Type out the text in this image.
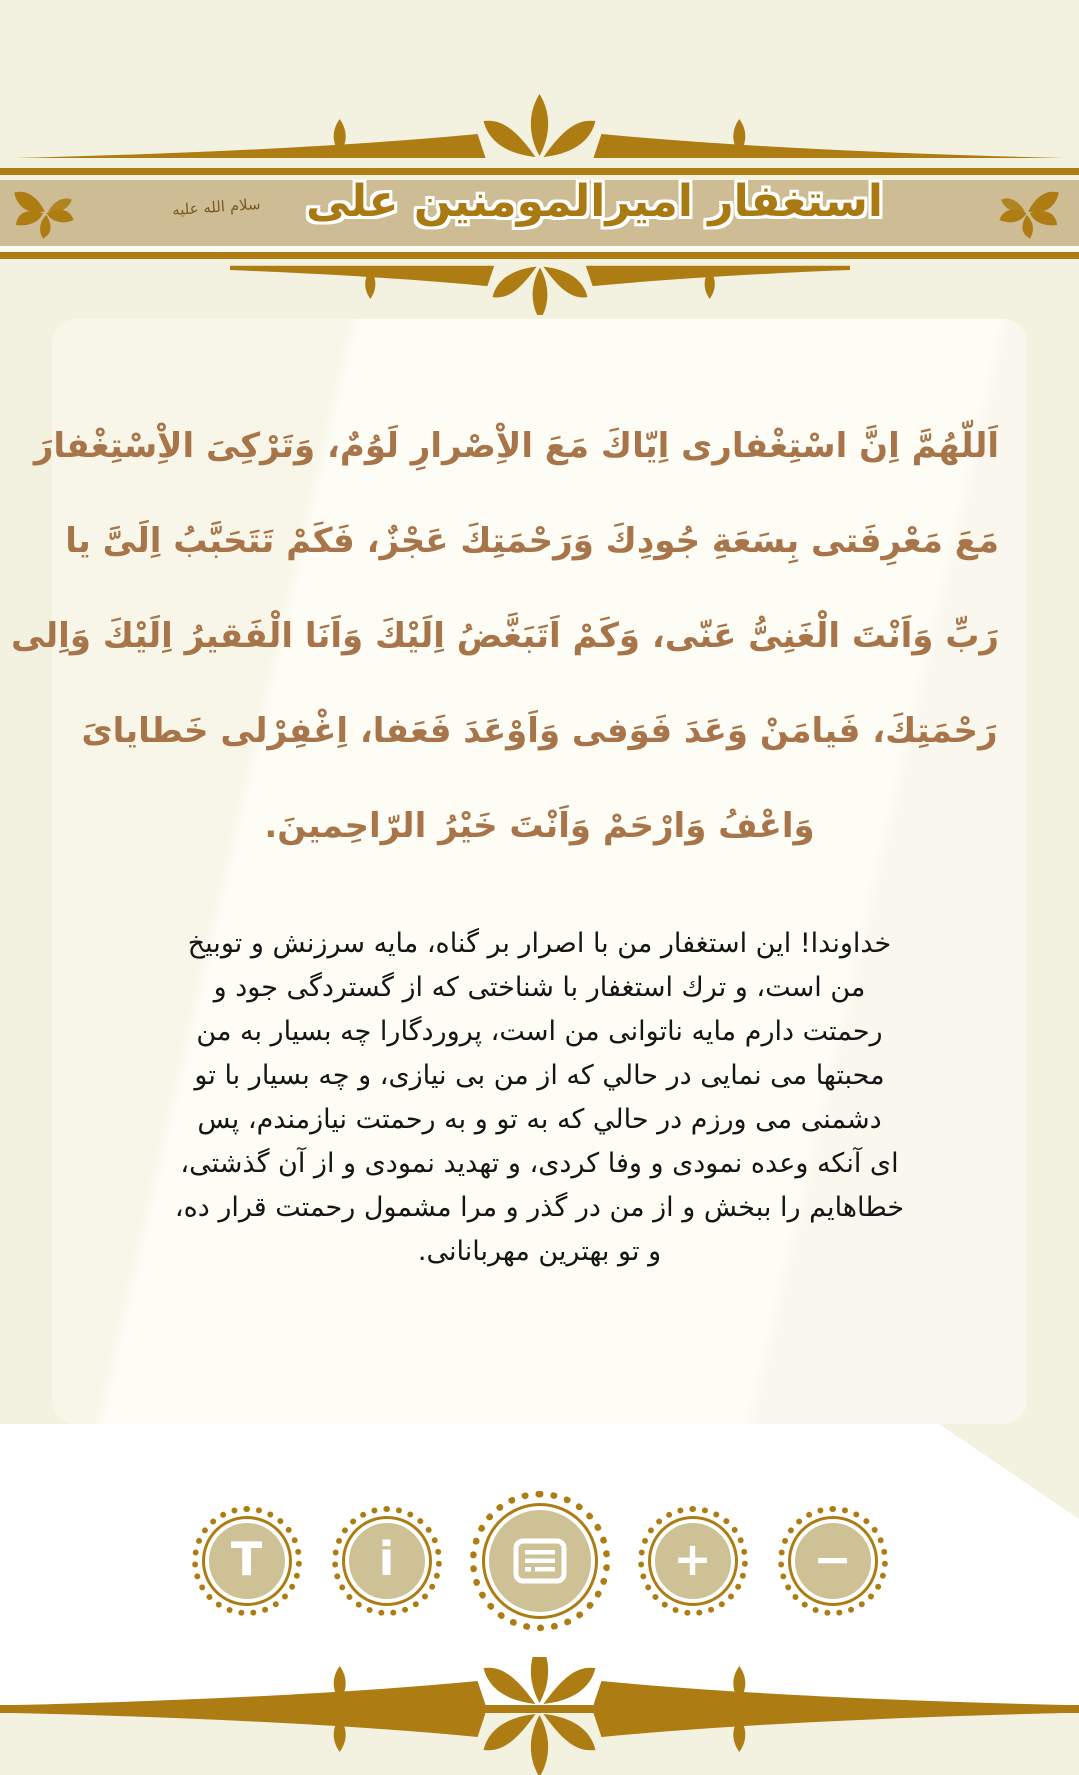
سلام الله علیه	استغفار امیرالمومنین علی
اَللّهُمَّ اِنَّ اسْتِغْفارى اِيّاكَ مَعَ الاِْصْرارِ لَوُمٌ، وَتَرْكِىَ الاِْسْتِغْفارَ
مَعَ مَعْرِفَتى بِسَعَةِ جُودِكَ وَرَحْمَتِكَ عَجْزٌ، فَكَمْ تَتَحَبَّبُ اِلَىَّ يا
رَبِّ وَاَنْتَ الْغَنِىُّ عَنّى، وَكَمْ اَتَبَغَّضُ اِلَيْكَ وَاَنَا الْفَقيرُ اِلَيْكَ وَاِلى
رَحْمَتِكَ، فَيامَنْ وَعَدَ فَوَفى وَاَوْعَدَ فَعَفا، اِغْفِرْلى خَطاياىَ
وَاعْفُ وَارْحَمْ وَاَنْتَ خَيْرُ الرّاحِمينَ.
خداوندا! این استغفار من با اصرار بر گناه، مایه سرزنش و توبیخ
من است، و ترك استغفار با شناختی که از گستردگی جود و
رحمتت دارم مایه ناتوانی من است، پروردگارا چه بسیار به من
محبتها می نمایی در حالي که از من بی نیازی، و چه بسیار با تو
دشمنی می ورزم در حالي که به تو و به رحمتت نیازمندم، پس
ای آنکه وعده نمودی و وفا کردی، و تهدید نمودی و از آن گذشتی،
خطاهایم را ببخش و از من در گذر و مرا مشمول رحمتت قرار ده،
و تو بهترین مهربانانی.
−
+
i
T
